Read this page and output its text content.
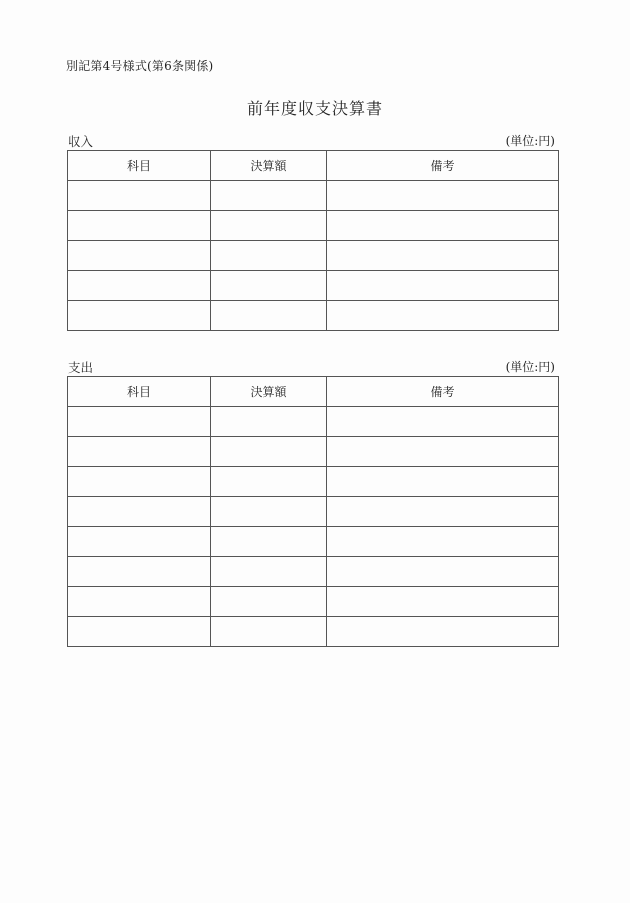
別記第4号様式(第6条関係)
前年度収支決算書
収入	(単位:円)
科目	決算額	備考

支出	(単位:円)
科目	決算額	備考
